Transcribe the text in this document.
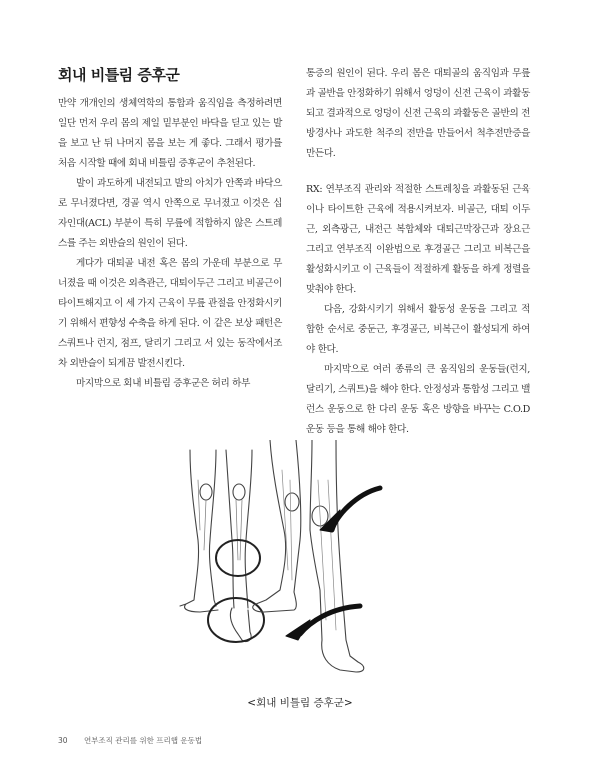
회내 비틀림 증후군

만약 개개인의 생체역학의 통합과 움직임을 측정하려면 일단 먼저 우리 몸의 제일 밑부분인 바닥을 딛고 있는 발을 보고 난 뒤 나머지 몸을 보는 게 좋다. 그래서 평가를 처음 시작할 때에 회내 비틀림 증후군이 추천된다.

발이 과도하게 내전되고 발의 아치가 안쪽과 바닥으로 무너졌다면, 경골 역시 안쪽으로 무너졌고 이것은 십자인대(ACL) 부분이 특히 무릎에 적합하지 않은 스트레스를 주는 외반슬의 원인이 된다.

게다가 대퇴골 내전 혹은 몸의 가운데 부분으로 무너졌을 때 이것은 외측관근, 대퇴이두근 그리고 비골근이 타이트해지고 이 세 가지 근육이 무릎 관절을 안정화시키기 위해서 편향성 수축을 하게 된다. 이 같은 보상 패턴은 스쿼트나 런지, 점프, 달리기 그리고 서 있는 동작에서조차 외반슬이 되게끔 발전시킨다.

마지막으로 회내 비틀림 증후군은 허리 하부

통증의 원인이 된다. 우리 몸은 대퇴골의 움직임과 무릎과 골반을 안정화하기 위해서 엉덩이 신전 근육이 과활동되고 결과적으로 엉덩이 신전 근육의 과활동은 골반의 전방경사나 과도한 척주의 전만을 만들어서 척추전만증을 만든다.

RX: 연부조직 관리와 적절한 스트레칭을 과활동된 근육이나 타이트한 근육에 적용시켜보자. 비골근, 대퇴 이두근, 외측광근, 내전근 복합체와 대퇴근막장근과 장요근 그리고 연부조직 이완법으로 후경골근 그리고 비복근을 활성화시키고 이 근육들이 적절하게 활동을 하게 정렬을 맞춰야 한다.

다음, 강화시키기 위해서 활동성 운동을 그리고 적합한 순서로 중둔근, 후경골근, 비복근이 활성되게 하여야 한다.

마지막으로 여러 종류의 큰 움직임의 운동들(런지, 달리기, 스쿼트)을 해야 한다. 안정성과 통합성 그리고 밸런스 운동으로 한 다리 운동 혹은 방향을 바꾸는 C.O.D 운동 등을 통해 해야 한다.

<회내 비틀림 증후군>
30 연부조직 관리를 위한 프리햅 운동법
